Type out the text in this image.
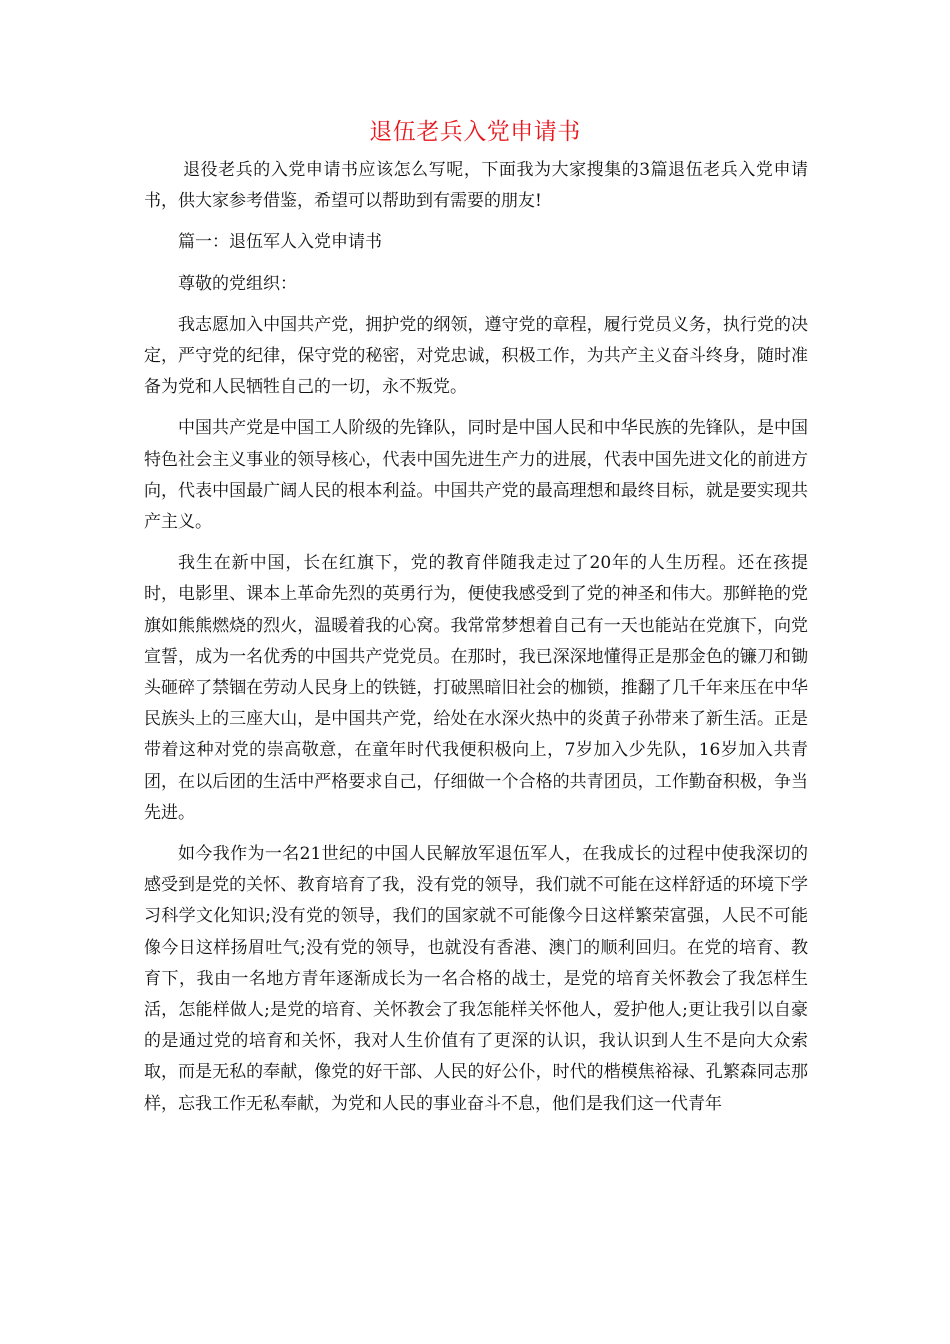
退伍老兵入党申请书

退役老兵的入党申请书应该怎么写呢，下面我为大家搜集的3篇退伍老兵入党申请书，供大家参考借鉴，希望可以帮助到有需要的朋友!

篇一：退伍军人入党申请书

尊敬的党组织：

我志愿加入中国共产党，拥护党的纲领，遵守党的章程，履行党员义务，执行党的决定，严守党的纪律，保守党的秘密，对党忠诚，积极工作，为共产主义奋斗终身，随时准备为党和人民牺牲自己的一切，永不叛党。

中国共产党是中国工人阶级的先锋队，同时是中国人民和中华民族的先锋队，是中国特色社会主义事业的领导核心，代表中国先进生产力的进展，代表中国先进文化的前进方向，代表中国最广阔人民的根本利益。中国共产党的最高理想和最终目标，就是要实现共产主义。

我生在新中国，长在红旗下，党的教育伴随我走过了20年的人生历程。还在孩提时，电影里、课本上革命先烈的英勇行为，便使我感受到了党的神圣和伟大。那鲜艳的党旗如熊熊燃烧的烈火，温暖着我的心窝。我常常梦想着自己有一天也能站在党旗下，向党宣誓，成为一名优秀的中国共产党党员。在那时，我已深深地懂得正是那金色的镰刀和锄头砸碎了禁锢在劳动人民身上的铁链，打破黑暗旧社会的枷锁，推翻了几千年来压在中华民族头上的三座大山，是中国共产党，给处在水深火热中的炎黄子孙带来了新生活。正是带着这种对党的崇高敬意，在童年时代我便积极向上，7岁加入少先队，16岁加入共青团，在以后团的生活中严格要求自己，仔细做一个合格的共青团员，工作勤奋积极，争当先进。

如今我作为一名21世纪的中国人民解放军退伍军人，在我成长的过程中使我深切的感受到是党的关怀、教育培育了我，没有党的领导，我们就不可能在这样舒适的环境下学习科学文化知识;没有党的领导，我们的国家就不可能像今日这样繁荣富强，人民不可能像今日这样扬眉吐气;没有党的领导，也就没有香港、澳门的顺利回归。在党的培育、教育下，我由一名地方青年逐渐成长为一名合格的战士，是党的培育关怀教会了我怎样生活，怎能样做人;是党的培育、关怀教会了我怎能样关怀他人，爱护他人;更让我引以自豪的是通过党的培育和关怀，我对人生价值有了更深的认识，我认识到人生不是向大众索取，而是无私的奉献，像党的好干部、人民的好公仆，时代的楷模焦裕禄、孔繁森同志那样，忘我工作无私奉献，为党和人民的事业奋斗不息，他们是我们这一代青年
